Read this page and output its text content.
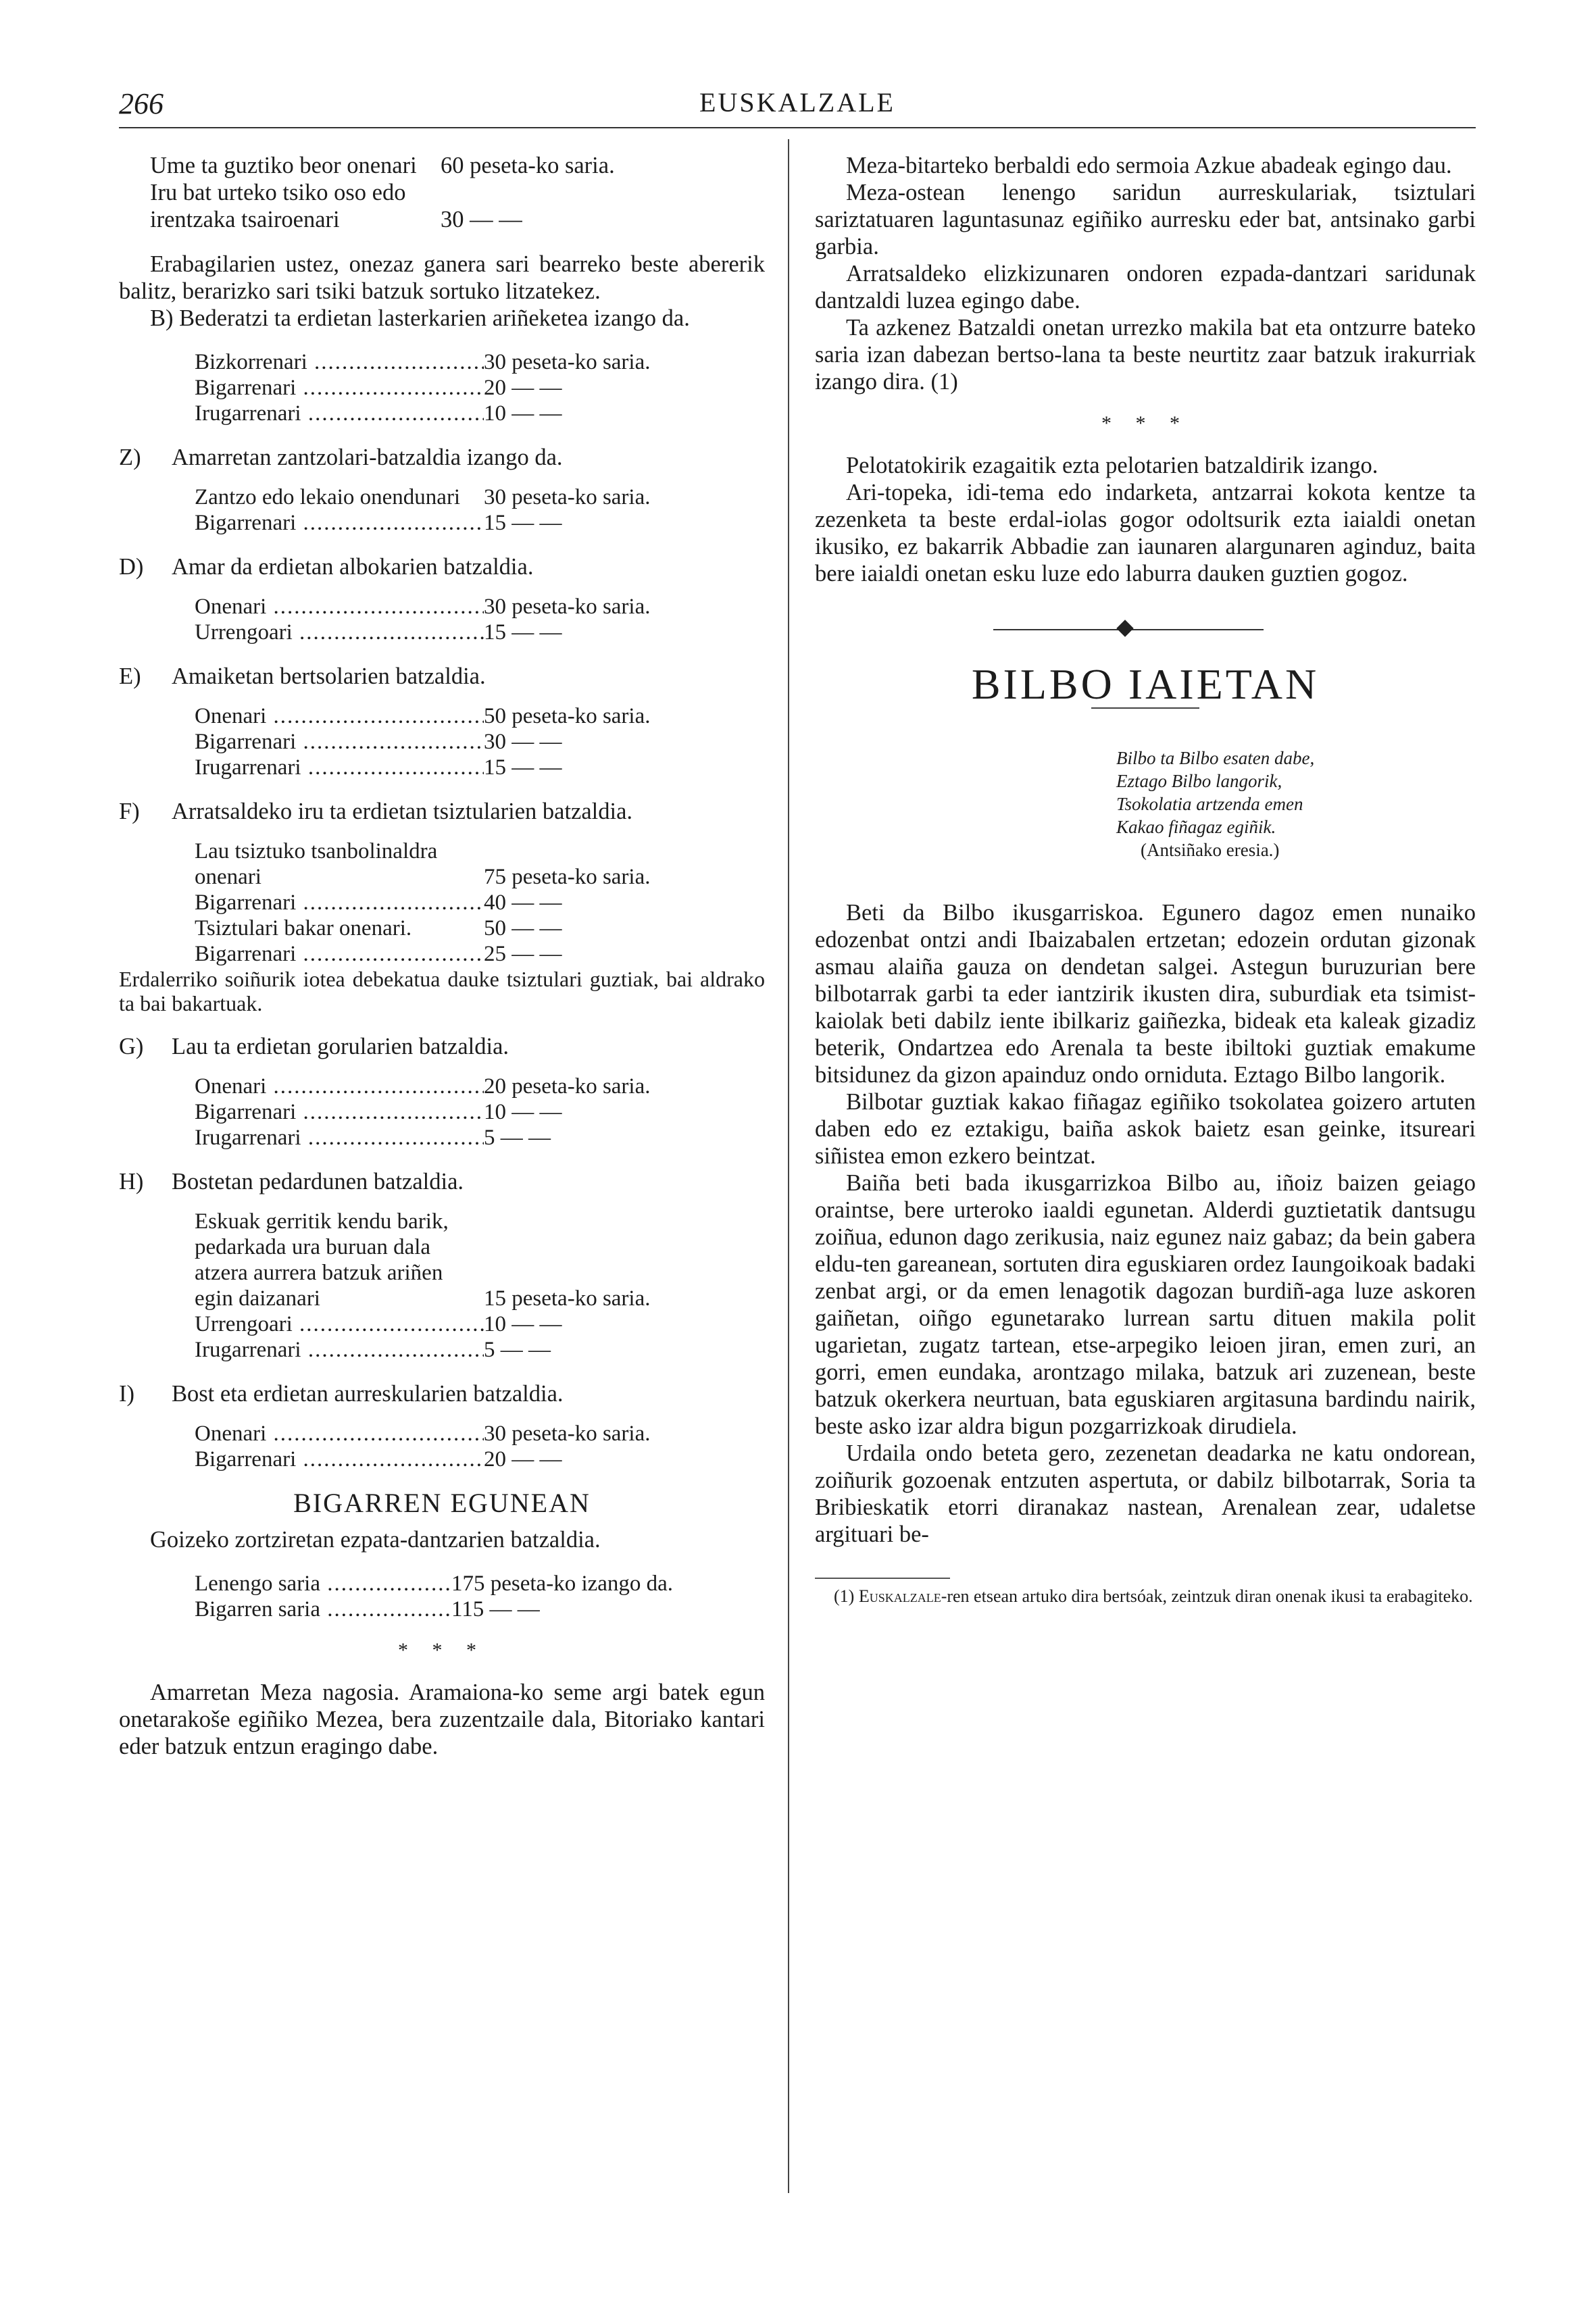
266	EUSKALZALE
Ume ta guztiko beor onenari 60 peseta-ko saria.
Iru bat urteko tsiko oso edo irentzaka tsairoenari	30 — —

Erabagilarien ustez, onezaz ganera sari bearreko beste abererik balitz, berarizko sari tsiki batzuk sortuko litzatekez.

B) Bederatzi ta erdietan lasterkarien ariñeketea izango da.

Bizkorrenari .....	30 peseta-ko saria.
Bigarrenari .....	20 — —
Irugarrenari .....	10 — —

Z) Amarretan zantzolari-batzaldia izango da.

Zantzo edo lekaio onendunari	30 peseta-ko saria.
Bigarrenari .....	15 — —

D) Amar da erdietan albokarien batzaldia.

Onenari .....	30 peseta-ko saria.
Urrengoari .....	15 — —

E) Amaiketan bertsolarien batzaldia.

Onenari .....	50 peseta-ko saria.
Bigarrenari .....	30 — —
Irugarrenari .....	15 — —

F) Arratsaldeko iru ta erdietan tsiztularien batzaldia.

Lau tsiztuko tsanbolinaldra onenari	75 peseta-ko saria.
Bigarrenari .....	40 — —
Tsiztulari bakar onenari.	50 — —
Bigarrenari .....	25 — —

Erdalerriko soiñurik iotea debekatua dauke tsiztulari guztiak, bai aldrako ta bai bakartuak.

G) Lau ta erdietan gorularien batzaldia.

Onenari .....	20 peseta-ko saria.
Bigarrenari .....	10 — —
Irugarrenari .....	5 — —

H) Bostetan pedardunen batzaldia.

Eskuak gerritik kendu barik, pedarkada ura buruan dala atzera aurrera batzuk ariñen egin daizanari	15 peseta-ko saria.
Urrengoari .....	10 — —
Irugarrenari .....	5 — —

I) Bost eta erdietan aurreskularien batzaldia.

Onenari .....	30 peseta-ko saria.
Bigarrenari .....	20 — —
BIGARREN EGUNEAN

Goizeko zortziretan ezpata-dantzarien batzaldia.

Lenengo saria .....	175 peseta-ko izango da.
Bigarren saria .....	115 — —
* * *

Amarretan Meza nagosia. Aramaiona-ko seme argi batek egun onetarakoše egiñiko Mezea, bera zuzentzaile dala, Bitoriako kantari eder batzuk entzun eragingo dabe.

Meza-bitarteko berbaldi edo sermoia Azkue abadeak egingo dau.

Meza-ostean lenengo saridun aurreskulariak, tsiztulari sariztatuaren laguntasunaz egiñiko aurresku eder bat, antsinako garbi garbia.

Arratsaldeko elizkizunaren ondoren ezpada-dantzari saridunak dantzaldi luzea egingo dabe.

Ta azkenez Batzaldi onetan urrezko makila bat eta ontzurre bateko saria izan dabezan bertso-lana ta beste neurtitz zaar batzuk irakurriak izango dira. (1)

* * *

Pelotatokirik ezagaitik ezta pelotarien batzaldirik izango.

Ari-topeka, idi-tema edo indarketa, antzarrai kokota kentze ta zezenketa ta beste erdal-iolas gogor odoltsurik ezta iaialdi onetan ikusiko, ez bakarrik Abbadie zan iaunaren alargunaren aginduz, baita bere iaialdi onetan esku luze edo laburra dauken guztien gogoz.

BILBO IAIETAN
Bilbo ta Bilbo esaten dabe,
Eztago Bilbo langorik,
Tsokolatia artzenda emen
Kakao fiñagaz egiñik.
(Antsiñako eresia.)

Beti da Bilbo ikusgarriskoa. Egunero dagoz emen nunaiko edozenbat ontzi andi Ibaizabalen ertzetan; edozein ordutan gizonak asmau alaiña gauza on dendetan salgei. Astegun buruzurian bere bilbotarrak garbi ta eder iantzirik ikusten dira, suburdiak eta tsimist-kaiolak beti dabilz iente ibilkariz gaiñezka, bideak eta kaleak gizadiz beterik, Ondartzea edo Arenala ta beste ibiltoki guztiak emakume bitsidunez da gizon apainduz ondo orniduta. Eztago Bilbo langorik.

Bilbotar guztiak kakao fiñagaz egiñiko tsokolatea goizero artuten daben edo ez eztakigu, baiña askok baietz esan geinke, itsureari siñistea emon ezkero beintzat.

Baiña beti bada ikusgarrizkoa Bilbo au, iñoiz baizen geiago oraintse, bere urteroko iaaldi egunetan. Alderdi guztietatik dantsugu zoiñua, edunon dago zerikusia, naiz egunez naiz gabaz; da bein gabera eldu-ten gareanean, sortuten dira eguskiaren ordez Iaungoikoak badaki zenbat argi, or da emen lenagotik dagozan burdiñ-aga luze askoren gaiñetan, oiñgo egunetarako lurrean sartu dituen makila polit ugarietan, zugatz tartean, etse-arpegiko leioen jiran, emen zuri, an gorri, emen eundaka, arontzago milaka, batzuk ari zuzenean, beste batzuk okerkera neurtuan, bata eguskiaren argitasuna bardindu nairik, beste asko izar aldra bigun pozgarrizkoak dirudiela.

Urdaila ondo beteta gero, zezenetan deadarka ne katu ondorean, zoiñurik gozoenak entzuten aspertuta, or dabilz bilbotarrak, Soria ta Bribieskatik etorri diranakaz nastean, Arenalean zear, udaletse argituari be-

(1) Euskalzale-ren etsean artuko dira bertsóak, zeintzuk diran onenak ikusi ta erabagiteko.
